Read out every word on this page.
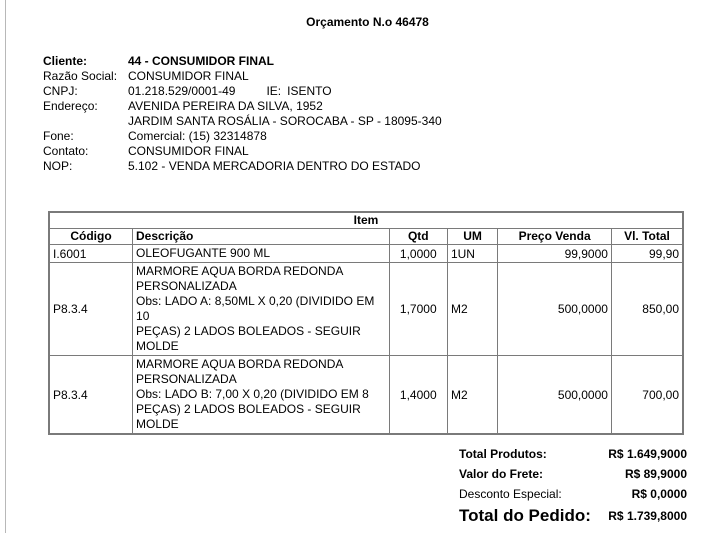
Orçamento N.o 46478
Cliente:	44 - CONSUMIDOR FINAL
Razão Social: CONSUMIDOR FINAL
CNPJ:	01.218.529/0001-49	IE: ISENTO
Endereço:	AVENIDA PEREIRA DA SILVA, 1952
JARDIM SANTA ROSÁLIA - SOROCABA - SP - 18095-340
Fone:	Comercial: (15) 32314878
Contato:	CONSUMIDOR FINAL
NOP:	5.102 - VENDA MERCADORIA DENTRO DO ESTADO
Item					
Código	Descrição	Qtd	UM	Preço Venda	Vl. Total
I.6001	OLEOFUGANTE 900 ML	1,0000	1UN	99,9000	99,90
P8.3.4	MARMORE AQUA BORDA REDONDA
PERSONALIZADA
Obs: LADO A: 8,50ML X 0,20 (DIVIDIDO EM 10
PEÇAS) 2 LADOS BOLEADOS - SEGUIR
MOLDE	1,7000	M2	500,0000	850,00
P8.3.4	MARMORE AQUA BORDA REDONDA
PERSONALIZADA
Obs: LADO B: 7,00 X 0,20 (DIVIDIDO EM 8
PEÇAS) 2 LADOS BOLEADOS - SEGUIR
MOLDE	1,4000	M2	500,0000	700,00
Total Produtos:	R$ 1.649,9000
Valor do Frete:	R$ 89,9000
Desconto Especial:	R$ 0,0000
Total do Pedido: R$ 1.739,8000
